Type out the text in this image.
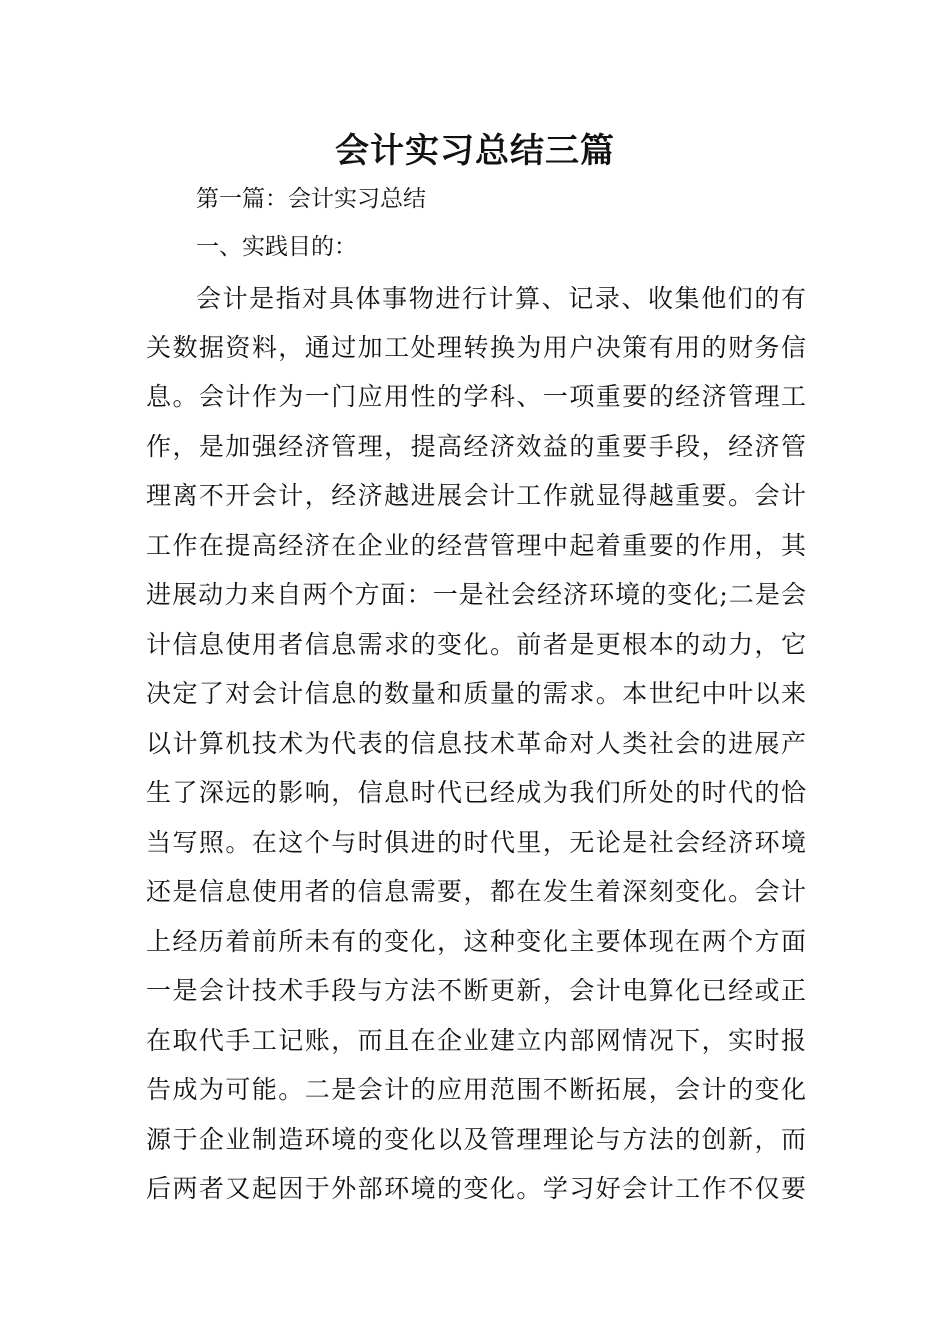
会计实习总结三篇

第一篇：会计实习总结

一、实践目的：

会计是指对具体事物进行计算、记录、收集他们的有
关数据资料，通过加工处理转换为用户决策有用的财务信
息。会计作为一门应用性的学科、一项重要的经济管理工
作，是加强经济管理，提高经济效益的重要手段，经济管
理离不开会计，经济越进展会计工作就显得越重要。会计
工作在提高经济在企业的经营管理中起着重要的作用，其
进展动力来自两个方面：一是社会经济环境的变化;二是会
计信息使用者信息需求的变化。前者是更根本的动力，它
决定了对会计信息的数量和质量的需求。本世纪中叶以来
以计算机技术为代表的信息技术革命对人类社会的进展产
生了深远的影响，信息时代已经成为我们所处的时代的恰
当写照。在这个与时俱进的时代里，无论是社会经济环境
还是信息使用者的信息需要，都在发生着深刻变化。会计
上经历着前所未有的变化，这种变化主要体现在两个方面
一是会计技术手段与方法不断更新，会计电算化已经或正
在取代手工记账，而且在企业建立内部网情况下，实时报
告成为可能。二是会计的应用范围不断拓展，会计的变化
源于企业制造环境的变化以及管理理论与方法的创新，而
后两者又起因于外部环境的变化。学习好会计工作不仅要
